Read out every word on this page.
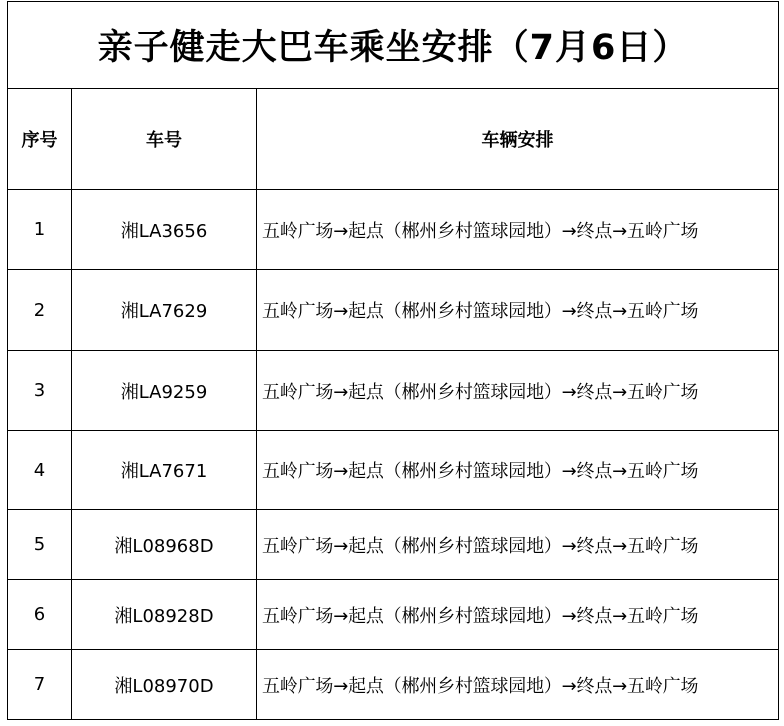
亲子健走大巴车乘坐安排（7月6日）		
序号	车号	车辆安排
1	湘LA3656	五岭广场→起点（郴州乡村篮球园地）→终点→五岭广场
2	湘LA7629	五岭广场→起点（郴州乡村篮球园地）→终点→五岭广场
3	湘LA9259	五岭广场→起点（郴州乡村篮球园地）→终点→五岭广场
4	湘LA7671	五岭广场→起点（郴州乡村篮球园地）→终点→五岭广场
5	湘L08968D	五岭广场→起点（郴州乡村篮球园地）→终点→五岭广场
6	湘L08928D	五岭广场→起点（郴州乡村篮球园地）→终点→五岭广场
7	湘L08970D	五岭广场→起点（郴州乡村篮球园地）→终点→五岭广场
